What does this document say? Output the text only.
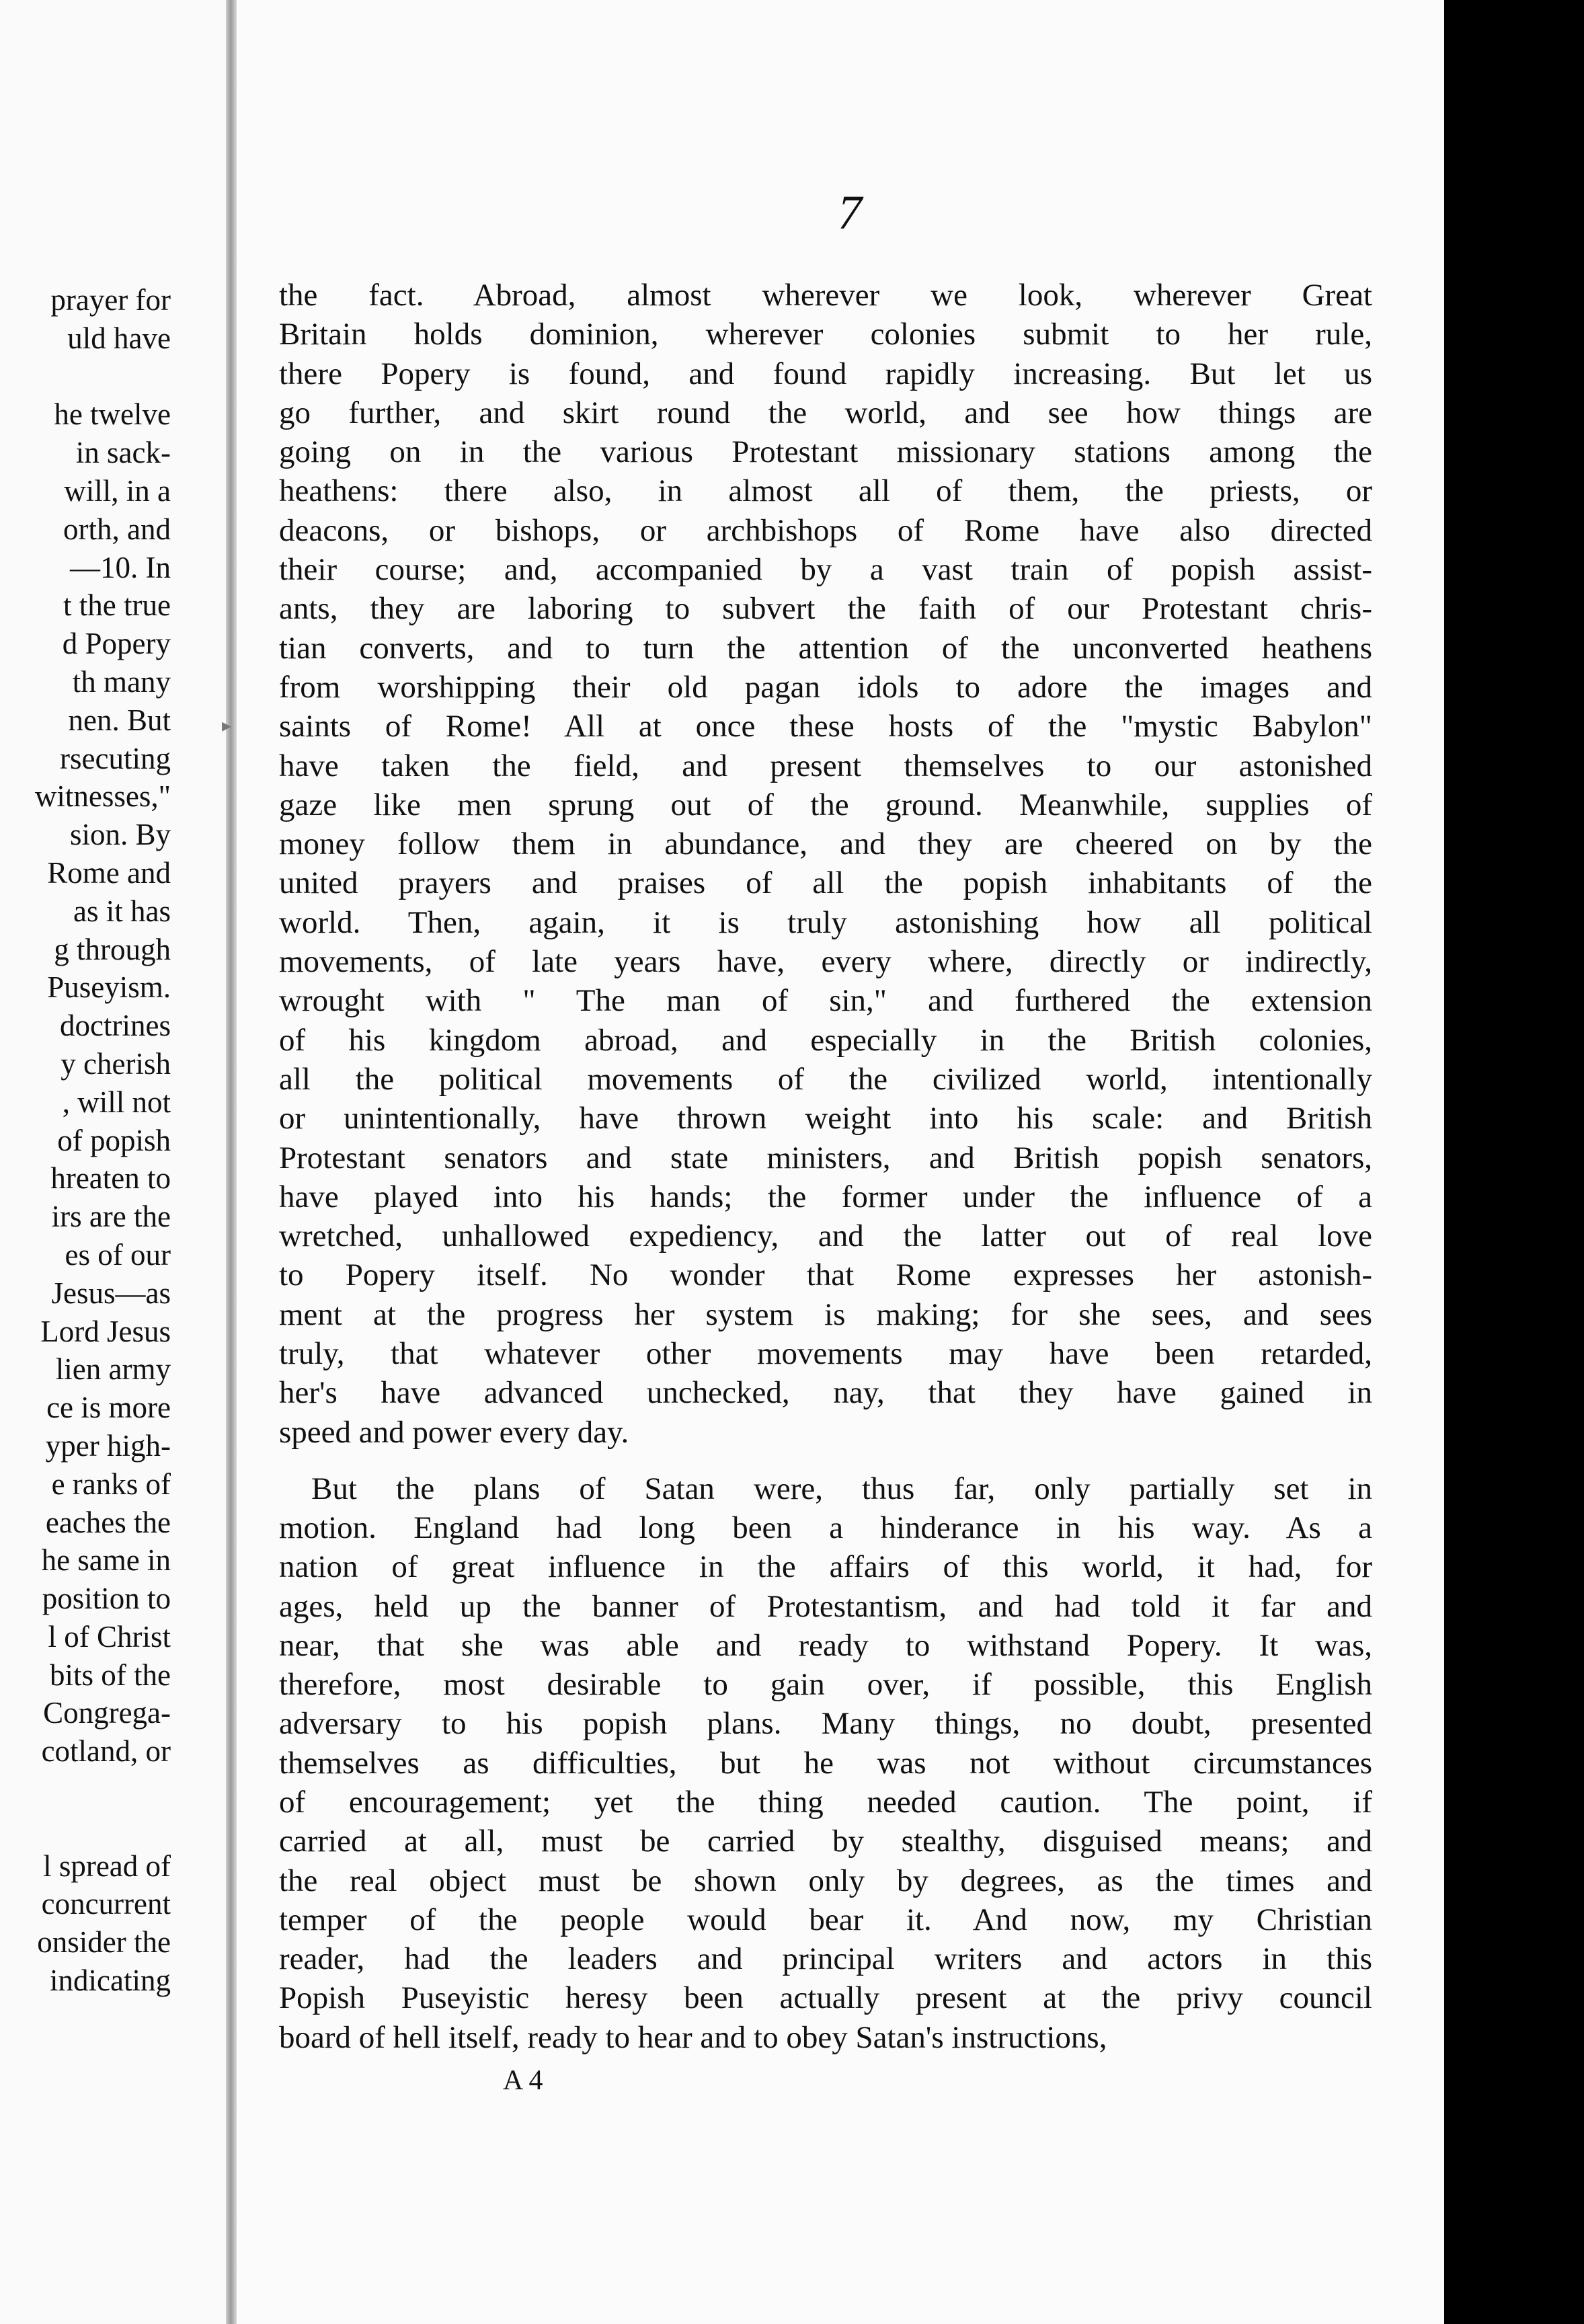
prayer for
uld have
he twelve
in sack-
will, in a
orth, and
—10. In
t the true
d Popery
th many
nen. But
rsecuting
witnesses,"
sion. By
Rome and
as it has
g through
Puseyism.
doctrines
y cherish
, will not
of popish
hreaten to
irs are the
es of our
Jesus—as
Lord Jesus
lien army
ce is more
yper high-
e ranks of
eaches the
he same in
position to
l of Christ
bits of the
Congrega-
cotland, or
l spread of
concurrent
onsider the
indicating
▸
7
the fact. Abroad, almost wherever we look, wherever Great
Britain holds dominion, wherever colonies submit to her rule,
there Popery is found, and found rapidly increasing. But let us
go further, and skirt round the world, and see how things are
going on in the various Protestant missionary stations among the
heathens: there also, in almost all of them, the priests, or
deacons, or bishops, or archbishops of Rome have also directed
their course; and, accompanied by a vast train of popish assist-
ants, they are laboring to subvert the faith of our Protestant chris-
tian converts, and to turn the attention of the unconverted heathens
from worshipping their old pagan idols to adore the images and
saints of Rome! All at once these hosts of the "mystic Babylon"
have taken the field, and present themselves to our astonished
gaze like men sprung out of the ground. Meanwhile, supplies of
money follow them in abundance, and they are cheered on by the
united prayers and praises of all the popish inhabitants of the
world. Then, again, it is truly astonishing how all political
movements, of late years have, every where, directly or indirectly,
wrought with " The man of sin," and furthered the extension
of his kingdom abroad, and especially in the British colonies,
all the political movements of the civilized world, intentionally
or unintentionally, have thrown weight into his scale: and British
Protestant senators and state ministers, and British popish senators,
have played into his hands; the former under the influence of a
wretched, unhallowed expediency, and the latter out of real love
to Popery itself. No wonder that Rome expresses her astonish-
ment at the progress her system is making; for she sees, and sees
truly, that whatever other movements may have been retarded,
her's have advanced unchecked, nay, that they have gained in
speed and power every day.
But the plans of Satan were, thus far, only partially set in
motion. England had long been a hinderance in his way. As a
nation of great influence in the affairs of this world, it had, for
ages, held up the banner of Protestantism, and had told it far and
near, that she was able and ready to withstand Popery. It was,
therefore, most desirable to gain over, if possible, this English
adversary to his popish plans. Many things, no doubt, presented
themselves as difficulties, but he was not without circumstances
of encouragement; yet the thing needed caution. The point, if
carried at all, must be carried by stealthy, disguised means; and
the real object must be shown only by degrees, as the times and
temper of the people would bear it. And now, my Christian
reader, had the leaders and principal writers and actors in this
Popish Puseyistic heresy been actually present at the privy council
board of hell itself, ready to hear and to obey Satan's instructions,
A 4
